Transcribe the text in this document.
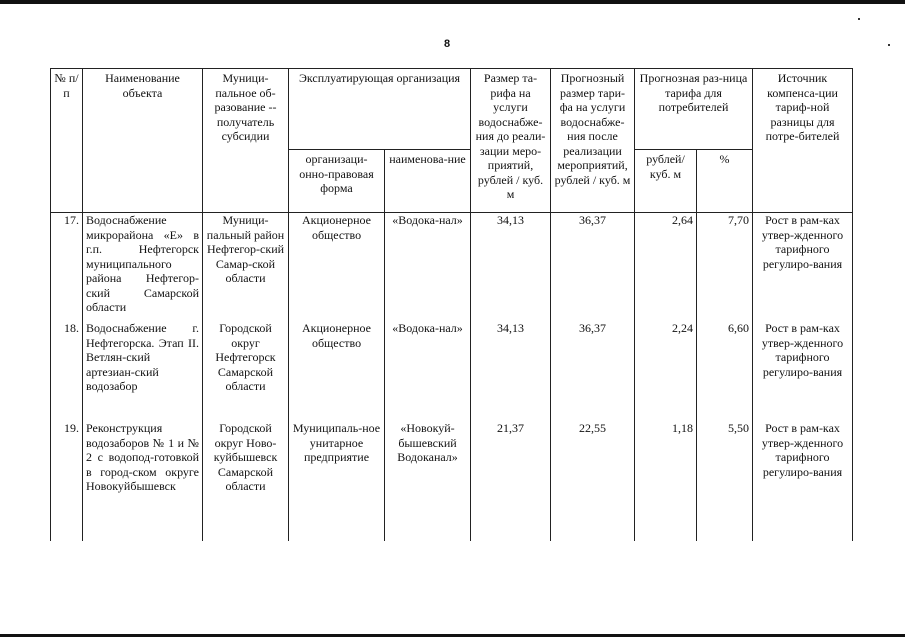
8
№ п/п	Наименование объекта	Муници-пальное об-разование -- получатель субсидии	Эксплуатирующая организация		Размер та-рифа на услуги водоснабже-ния до реали-зации меро-приятий, рублей / куб. м	Прогнозный размер тари-фа на услуги водоснабже-ния после реализации мероприятий, рублей / куб. м	Прогнозная раз-ница тарифа для потребителей		Источник компенса-ции тариф-ной разницы для потре-бителей
			организаци-онно-правовая форма	наименова-ние			рублей/ куб. м	%	
17.	Водоснабжение микрорайона «Е» в г.п. Нефтегорск муниципального района Нефтегор-ский Самарской области	Муници-пальный район Нефтегор-ский Самар-ской области	Акционерное общество	«Водока-нал»	34,13	36,37	2,64	7,70	Рост в рам-ках утвер-жденного тарифного регулиро-вания
18.	Водоснабжение г. Нефтегорска. Этап II. Ветлян-ский артезиан-ский водозабор	Городской округ Нефтегорск Самарской области	Акционерное общество	«Водока-нал»	34,13	36,37	2,24	6,60	Рост в рам-ках утвер-жденного тарифного регулиро-вания
19.	Реконструкция водозаборов № 1 и № 2 с водопод-готовкой в город-ском округе Новокуйбышевск	Городской округ Ново-куйбышевск Самарской области	Муниципаль-ное унитарное предприятие	«Новокуй-бышевский Водоканал»	21,37	22,55	1,18	5,50	Рост в рам-ках утвер-жденного тарифного регулиро-вания
